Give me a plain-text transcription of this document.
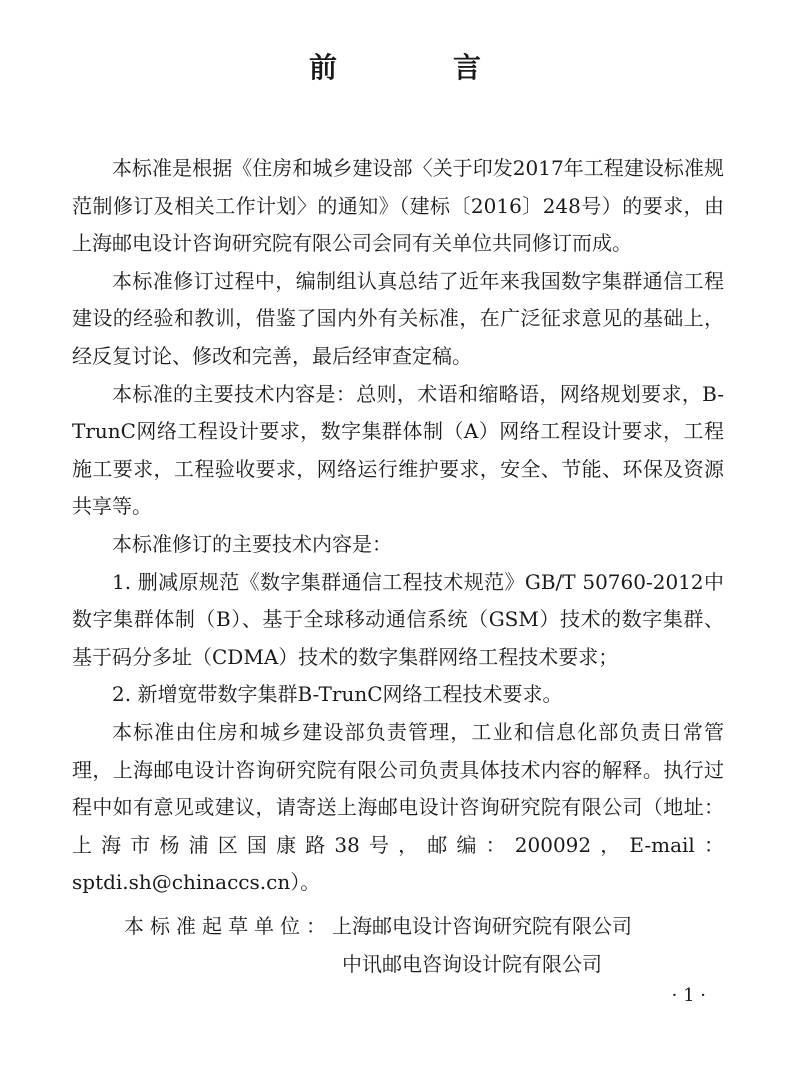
前　言

本标准是根据《住房和城乡建设部〈关于印发2017年工程建设标准规范制修订及相关工作计划〉的通知》（建标〔2016〕248号）的要求，由上海邮电设计咨询研究院有限公司会同有关单位共同修订而成。

本标准修订过程中，编制组认真总结了近年来我国数字集群通信工程建设的经验和教训，借鉴了国内外有关标准，在广泛征求意见的基础上，经反复讨论、修改和完善，最后经审查定稿。

本标准的主要技术内容是：总则，术语和缩略语，网络规划要求，B-TrunC网络工程设计要求，数字集群体制（A）网络工程设计要求，工程施工要求，工程验收要求，网络运行维护要求，安全、节能、环保及资源共享等。

本标准修订的主要技术内容是：

1. 删减原规范《数字集群通信工程技术规范》GB/T 50760-2012中数字集群体制（B）、基于全球移动通信系统（GSM）技术的数字集群、基于码分多址（CDMA）技术的数字集群网络工程技术要求；

2. 新增宽带数字集群B-TrunC网络工程技术要求。

本标准由住房和城乡建设部负责管理，工业和信息化部负责日常管理，上海邮电设计咨询研究院有限公司负责具体技术内容的解释。执行过程中如有意见或建议，请寄送上海邮电设计咨询研究院有限公司（地址：上海市杨浦区国康路38号，邮编：200092，E-mail：sptdi.sh@chinaccs.cn）。

本标准起草单位：上海邮电设计咨询研究院有限公司
中讯邮电咨询设计院有限公司
· 1 ·
